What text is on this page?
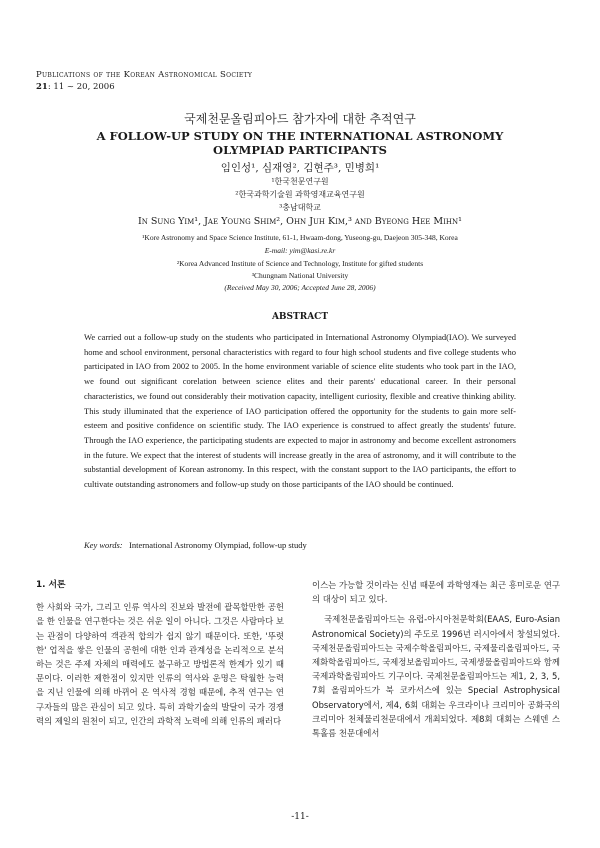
Publications of the Korean Astronomical Society
21: 11 ~ 20, 2006
국제천문올림피아드 참가자에 대한 추적연구
A FOLLOW-UP STUDY ON THE INTERNATIONAL ASTRONOMY OLYMPIAD PARTICIPANTS
임인성¹, 심재영², 김현주³, 민병희¹
¹한국천문연구원
²한국과학기술원 과학영재교육연구원
³충남대학교
In Sung Yim¹, Jae Young Shim², Ohn Juh Kim,³ and Byeong Hee Mihn¹
¹Kore Astronomy and Space Science Institute, 61-1, Hwaam-dong, Yuseong-gu, Daejeon 305-348, Korea
E-mail: yim@kasi.re.kr
²Korea Advanced Institute of Science and Technology, Institute for gifted students
³Chungnam National University
(Received May 30, 2006; Accepted June 28, 2006)
ABSTRACT
We carried out a follow-up study on the students who participated in International Astronomy Olympiad(IAO). We surveyed home and school environment, personal characteristics with regard to four high school students and five college students who participated in IAO from 2002 to 2005. In the home environment variable of science elite students who took part in the IAO, we found out significant corelation between science elites and their parents' educational career. In their personal characteristics, we found out considerably their motivation capacity, intelligent curiosity, flexible and creative thinking ability. This study illuminated that the experience of IAO participation offered the opportunity for the students to gain more self-esteem and positive confidence on scientific study. The IAO experience is construed to affect greatly the students' future. Through the IAO experience, the participating students are expected to major in astronomy and become excellent astronomers in the future. We expect that the interest of students will increase greatly in the area of astronomy, and it will contribute to the substantial development of Korean astronomy. In this respect, with the constant support to the IAO participants, the effort to cultivate outstanding astronomers and follow-up study on those participants of the IAO should be continued.
Key words: International Astronomy Olympiad, follow-up study

1. 서론

한 사회와 국가, 그리고 인류 역사의 진보와 발전에 괄목할만한 공헌을 한 인물을 연구한다는 것은 쉬운 일이 아니다. 그것은 사람마다 보는 관점이 다양하여 객관적 합의가 쉽지 않기 때문이다. 또한, '뚜렷한' 업적을 쌓은 인물의 공헌에 대한 인과 관계성을 논리적으로 분석하는 것은 주제 자체의 매력에도 불구하고 방법론적 한계가 있기 때문이다. 이러한 제한점이 있지만 인류의 역사와 운명은 탁월한 능력을 지닌 인물에 의해 바뀌어 온 역사적 경험 때문에, 추적 연구는 연구자들의 많은 관심이 되고 있다. 특히 과학기술의 발달이 국가 경쟁력의 제일의 원천이 되고, 인간의 과학적 노력에 의해 인류의 패러다

이스는 가능할 것이라는 신념 때문에 과학영재는 최근 흥미로운 연구의 대상이 되고 있다.

국제천문올림피아드는 유럽-아시아천문학회(EAAS, Euro-Asian Astronomical Society)의 주도로 1996년 러시아에서 창설되었다. 국제천문올림피아드는 국제수학올림피아드, 국제물리올림피아드, 국제화학올림피아드, 국제정보올림피아드, 국제생물올림피아드와 함께 국제과학올림피아드 기구이다. 국제천문올림피아드는 제1, 2, 3, 5, 7회 올림피아드가 북 코카서스에 있는 Special Astrophysical Observatory에서, 제4, 6회 대회는 우크라이나 크리미아 공화국의 크리미아 천체물리천문대에서 개최되었다. 제8회 대회는 스웨덴 스톡홀름 천문대에서

-11-
